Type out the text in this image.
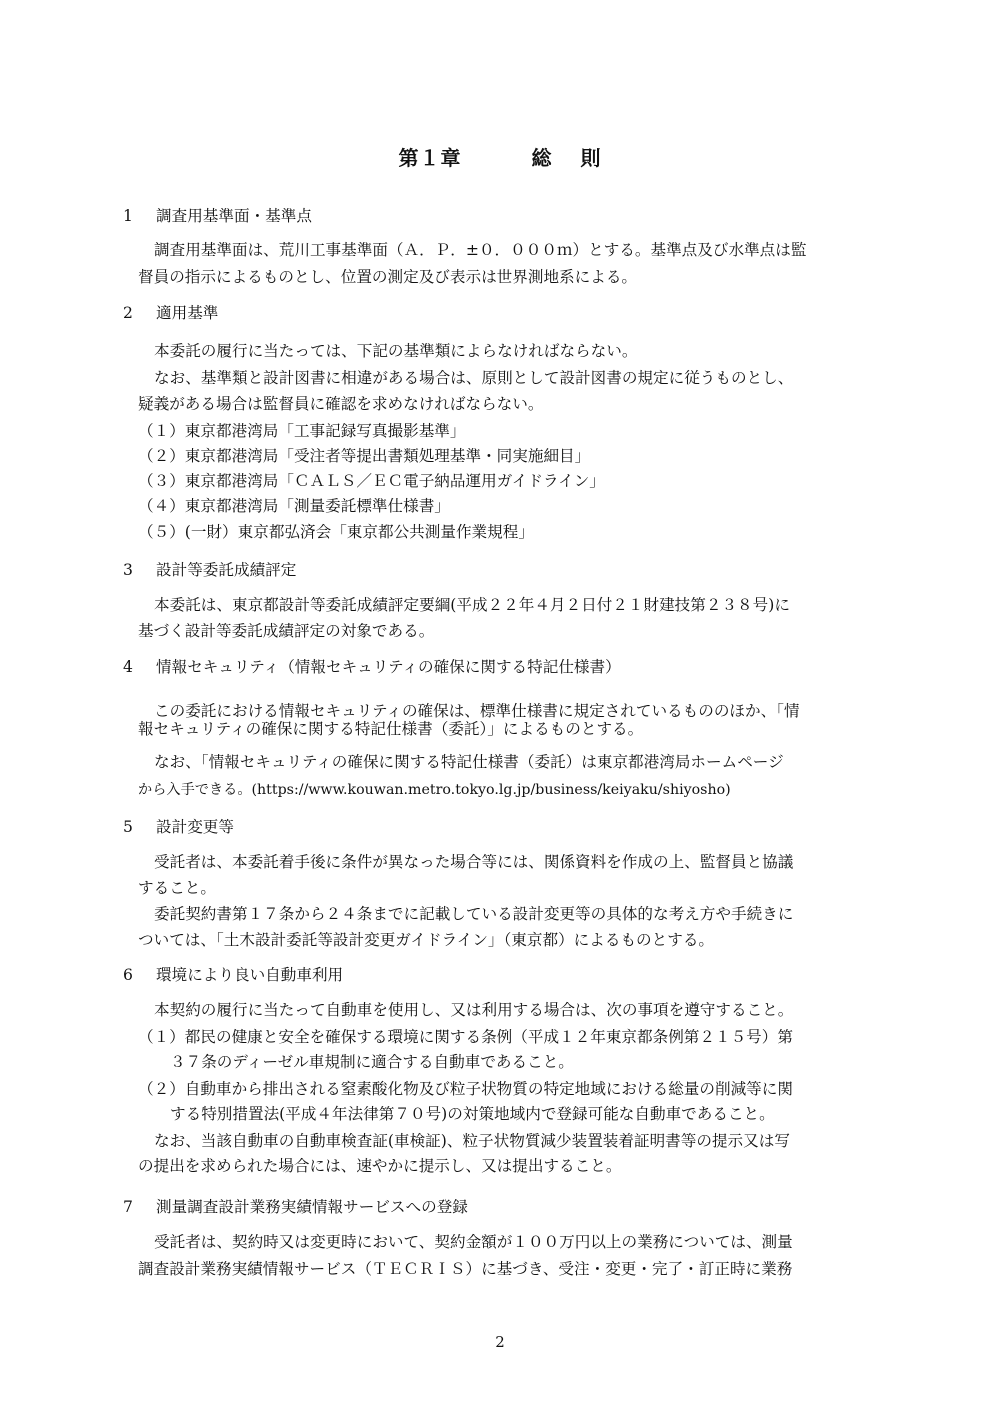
第１章	総 則
1 調査用基準面・基準点
調査用基準面は、荒川工事基準面（Ａ．Ｐ．±０．０００ｍ）とする。基準点及び水準点は監
督員の指示によるものとし、位置の測定及び表示は世界測地系による。
2 適用基準
本委託の履行に当たっては、下記の基準類によらなければならない。
なお、基準類と設計図書に相違がある場合は、原則として設計図書の規定に従うものとし、
疑義がある場合は監督員に確認を求めなければならない。
（１）東京都港湾局「工事記録写真撮影基準」
（２）東京都港湾局「受注者等提出書類処理基準・同実施細目」
（３）東京都港湾局「ＣＡＬＳ／ＥＣ電子納品運用ガイドライン」
（４）東京都港湾局「測量委託標準仕様書」
（５）(一財）東京都弘済会「東京都公共測量作業規程」
3 設計等委託成績評定
本委託は、東京都設計等委託成績評定要綱(平成２２年４月２日付２１財建技第２３８号)に
基づく設計等委託成績評定の対象である。
4 情報セキュリティ（情報セキュリティの確保に関する特記仕様書）
この委託における情報セキュリティの確保は、標準仕様書に規定されているもののほか、「情
報セキュリティの確保に関する特記仕様書（委託）」によるものとする。
なお、「情報セキュリティの確保に関する特記仕様書（委託）は東京都港湾局ホームページ
から入手できる。(https://www.kouwan.metro.tokyo.lg.jp/business/keiyaku/shiyosho)
5 設計変更等
受託者は、本委託着手後に条件が異なった場合等には、関係資料を作成の上、監督員と協議
すること。
委託契約書第１７条から２４条までに記載している設計変更等の具体的な考え方や手続きに
ついては、「土木設計委託等設計変更ガイドライン」（東京都）によるものとする。
6 環境により良い自動車利用
本契約の履行に当たって自動車を使用し、又は利用する場合は、次の事項を遵守すること。
（１）都民の健康と安全を確保する環境に関する条例（平成１２年東京都条例第２１５号）第
３７条のディーゼル車規制に適合する自動車であること。
（２）自動車から排出される窒素酸化物及び粒子状物質の特定地域における総量の削減等に関
する特別措置法(平成４年法律第７０号)の対策地域内で登録可能な自動車であること。
なお、当該自動車の自動車検査証(車検証)、粒子状物質減少装置装着証明書等の提示又は写
の提出を求められた場合には、速やかに提示し、又は提出すること。
7 測量調査設計業務実績情報サービスへの登録
受託者は、契約時又は変更時において、契約金額が１００万円以上の業務については、測量
調査設計業務実績情報サービス（ＴＥＣＲＩＳ）に基づき、受注・変更・完了・訂正時に業務
2
